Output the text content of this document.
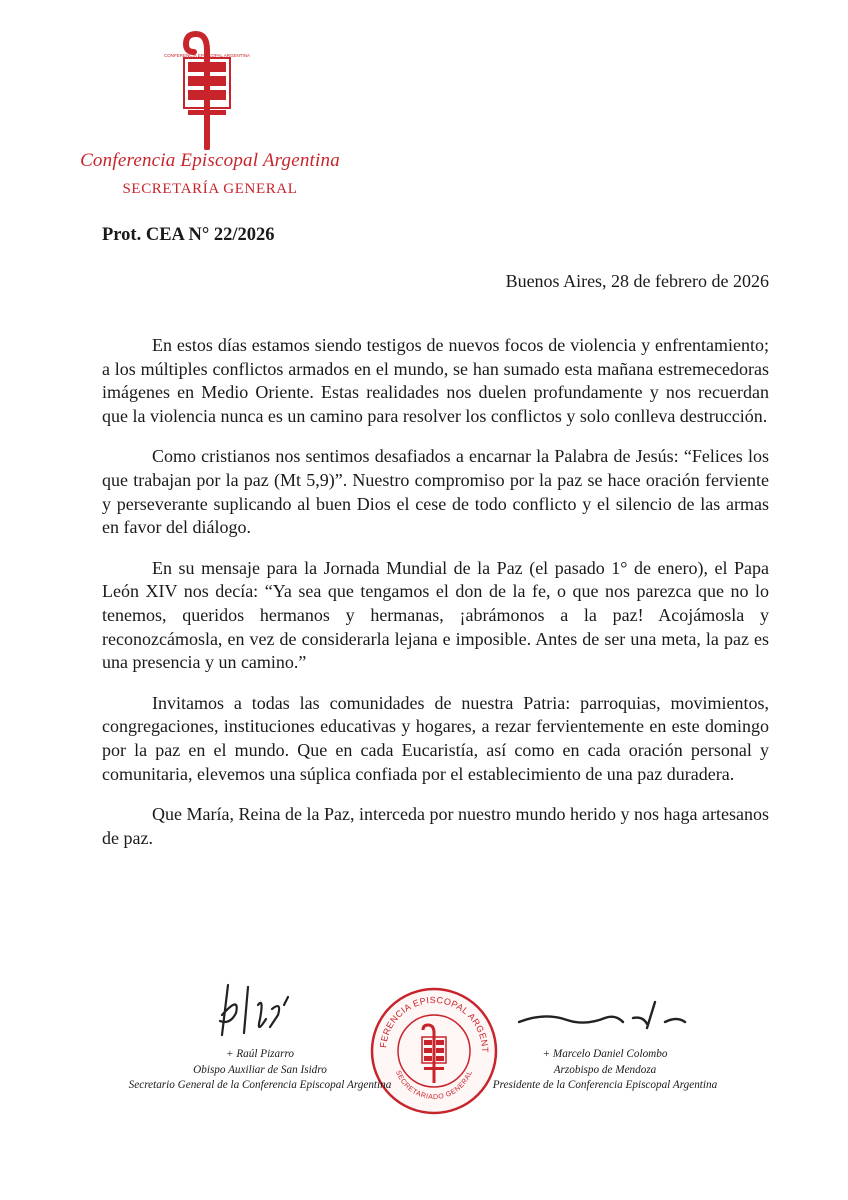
CONFERENCIA EPISCOPAL ARGENTINA
Conferencia Episcopal Argentina
SECRETARÍA GENERAL
Prot. CEA N° 22/2026
Buenos Aires, 28 de febrero de 2026

En estos días estamos siendo testigos de nuevos focos de violencia y enfrentamiento; a los múltiples conflictos armados en el mundo, se han sumado esta mañana estremecedoras imágenes en Medio Oriente. Estas realidades nos duelen profundamente y nos recuerdan que la violencia nunca es un camino para resolver los conflictos y solo conlleva destrucción.

Como cristianos nos sentimos desafiados a encarnar la Palabra de Jesús: “Felices los que trabajan por la paz (Mt 5,9)”. Nuestro compromiso por la paz se hace oración ferviente y perseverante suplicando al buen Dios el cese de todo conflicto y el silencio de las armas en favor del diálogo.

En su mensaje para la Jornada Mundial de la Paz (el pasado 1° de enero), el Papa León XIV nos decía: “Ya sea que tengamos el don de la fe, o que nos parezca que no lo tenemos, queridos hermanos y hermanas, ¡abrámonos a la paz! Acojámosla y reconozcámosla, en vez de considerarla lejana e imposible. Antes de ser una meta, la paz es una presencia y un camino.”

Invitamos a todas las comunidades de nuestra Patria: parroquias, movimientos, congregaciones, instituciones educativas y hogares, a rezar fervientemente en este domingo por la paz en el mundo. Que en cada Eucaristía, así como en cada oración personal y comunitaria, elevemos una súplica confiada por el establecimiento de una paz duradera.

Que María, Reina de la Paz, interceda por nuestro mundo herido y nos haga artesanos de paz.

FERENCIA EPISCOPAL ARGENT
SECRETARIADO GENERAL
+ Raúl Pizarro
Obispo Auxiliar de San Isidro
Secretario General de la Conferencia Episcopal Argentina
+ Marcelo Daniel Colombo
Arzobispo de Mendoza
Presidente de la Conferencia Episcopal Argentina
